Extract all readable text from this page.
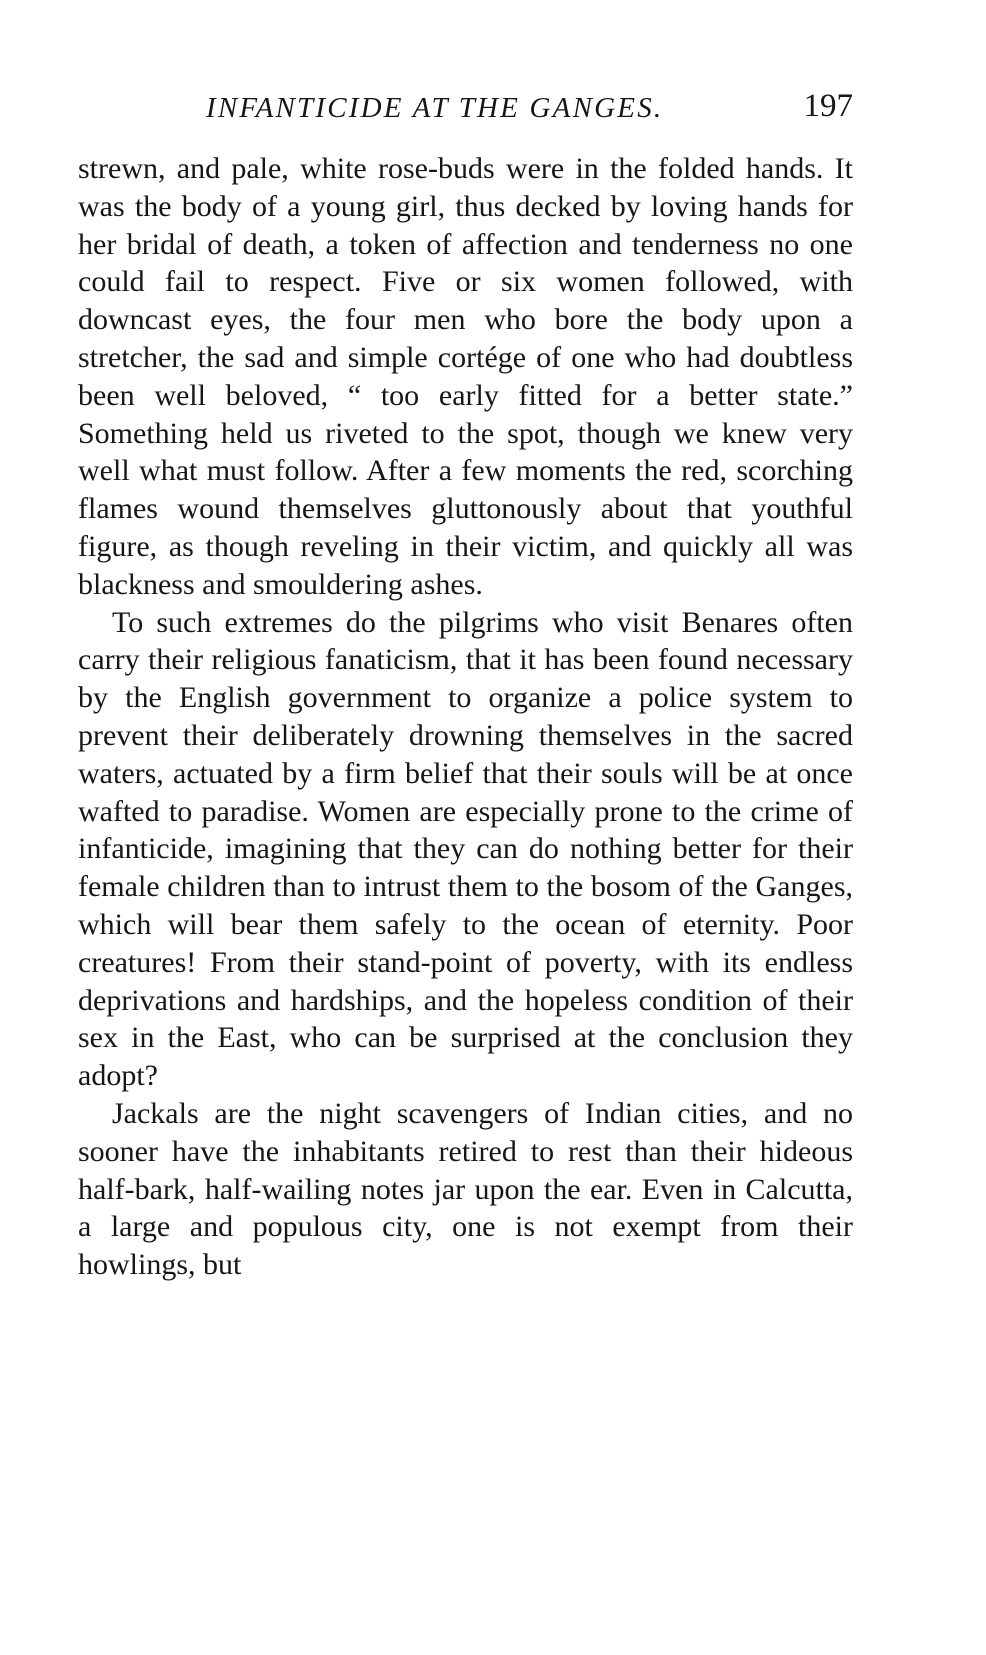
INFANTICIDE AT THE GANGES.	197

strewn, and pale, white rose-buds were in the folded hands. It was the body of a young girl, thus decked by loving hands for her bridal of death, a token of affection and tenderness no one could fail to respect. Five or six women followed, with downcast eyes, the four men who bore the body upon a stretcher, the sad and simple cortége of one who had doubtless been well beloved, “ too early fitted for a better state.” Something held us riveted to the spot, though we knew very well what must follow. After a few moments the red, scorching flames wound themselves gluttonously about that youthful figure, as though reveling in their victim, and quickly all was blackness and smouldering ashes.

To such extremes do the pilgrims who visit Benares often carry their religious fanaticism, that it has been found necessary by the English government to organize a police system to prevent their deliberately drowning themselves in the sacred waters, actuated by a firm belief that their souls will be at once wafted to paradise. Women are especially prone to the crime of infanticide, imagining that they can do nothing better for their female children than to intrust them to the bosom of the Ganges, which will bear them safely to the ocean of eternity. Poor creatures! From their stand-point of poverty, with its endless deprivations and hardships, and the hopeless condition of their sex in the East, who can be surprised at the conclusion they adopt?

Jackals are the night scavengers of Indian cities, and no sooner have the inhabitants retired to rest than their hideous half-bark, half-wailing notes jar upon the ear. Even in Calcutta, a large and populous city, one is not exempt from their howlings, but
